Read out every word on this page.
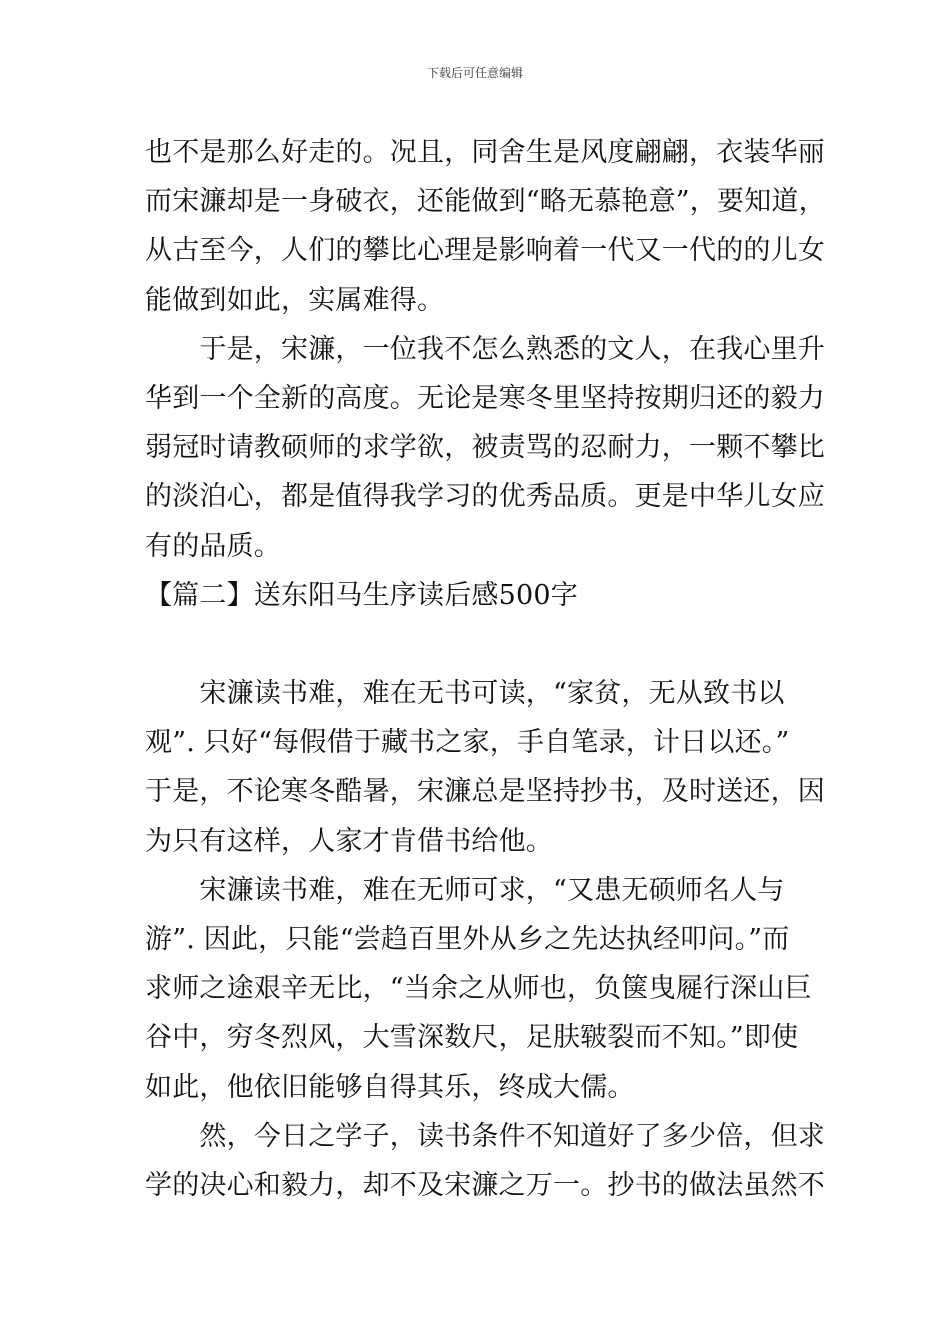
下载后可任意编辑
也不是那么好走的。况且，同舍生是风度翩翩，衣装华丽
而宋濂却是一身破衣，还能做到“略无慕艳意”，要知道，
从古至今，人们的攀比心理是影响着一代又一代的的儿女
能做到如此，实属难得。
　　于是，宋濂，一位我不怎么熟悉的文人，在我心里升
华到一个全新的高度。无论是寒冬里坚持按期归还的毅力
弱冠时请教硕师的求学欲，被责骂的忍耐力，一颗不攀比
的淡泊心，都是值得我学习的优秀品质。更是中华儿女应
有的品质。
【篇二】送东阳马生序读后感500字
　　宋濂读书难，难在无书可读，“家贫，无从致书以
观”. 只好“每假借于藏书之家，手自笔录，计日以还。”
于是，不论寒冬酷暑，宋濂总是坚持抄书，及时送还，因
为只有这样，人家才肯借书给他。
　　宋濂读书难，难在无师可求，“又患无硕师名人与
游”. 因此，只能“尝趋百里外从乡之先达执经叩问。”而
求师之途艰辛无比，“当余之从师也，负箧曳屣行深山巨
谷中，穷冬烈风，大雪深数尺，足肤皲裂而不知。”即使
如此，他依旧能够自得其乐，终成大儒。
　　然，今日之学子，读书条件不知道好了多少倍，但求
学的决心和毅力，却不及宋濂之万一。抄书的做法虽然不
